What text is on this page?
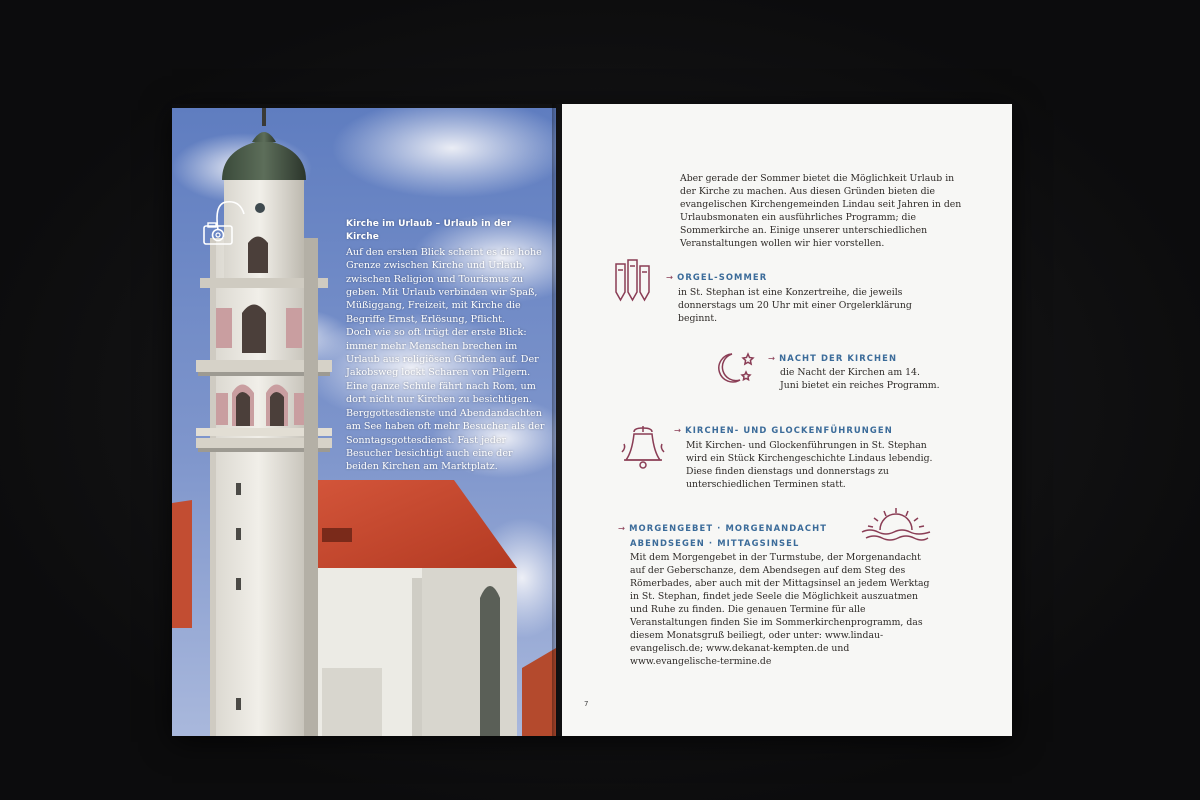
Kirche im Urlaub – Urlaub in der Kirche

Auf den ersten Blick scheint es die hohe Grenze zwischen Kirche und Urlaub, zwischen Religion und Tourismus zu geben. Mit Urlaub verbinden wir Spaß, Müßiggang, Freizeit, mit Kirche die Begriffe Ernst, Erlösung, Pflicht.

Doch wie so oft trügt der erste Blick: immer mehr Menschen brechen im Urlaub aus religiösen Gründen auf. Der Jakobsweg lockt Scharen von Pilgern. Eine ganze Schule fährt nach Rom, um dort nicht nur Kirchen zu besichtigen. Berggottesdienste und Abendandachten am See haben oft mehr Besucher als der Sonntagsgottesdienst. Fast jeder Besucher besichtigt auch eine der beiden Kirchen am Marktplatz.

7
Aber gerade der Sommer bietet die Möglichkeit Urlaub in der Kirche zu machen. Aus diesen Gründen bieten die evangelischen Kirchengemeinden Lindau seit Jahren in den Urlaubsmonaten ein ausführliches Programm; die Sommerkirche an. Einige unserer unterschiedlichen Veranstaltungen wollen wir hier vorstellen.
→ ORGEL-SOMMER
in St. Stephan ist eine Konzertreihe, die jeweils donnerstags um 20 Uhr mit einer Orgelerklärung beginnt.
→ NACHT DER KIRCHEN
die Nacht der Kirchen am 14. Juni bietet ein reiches Programm.
→ KIRCHEN- UND GLOCKENFÜHRUNGEN
Mit Kirchen- und Glockenführungen in St. Stephan wird ein Stück Kirchengeschichte Lindaus lebendig. Diese finden dienstags und donnerstags zu unterschiedlichen Terminen statt.
→ MORGENGEBET · MORGENANDACHT
ABENDSEGEN · MITTAGSINSEL
Mit dem Morgengebet in der Turmstube, der Morgenandacht auf der Geberschanze, dem Abendsegen auf dem Steg des Römerbades, aber auch mit der Mittagsinsel an jedem Werktag in St. Stephan, findet jede Seele die Möglichkeit auszuatmen und Ruhe zu finden. Die genauen Termine für alle Veranstaltungen finden Sie im Sommerkirchenprogramm, das diesem Monatsgruß beiliegt, oder unter: www.lindau-evangelisch.de; www.dekanat-kempten.de und www.evangelische-termine.de
